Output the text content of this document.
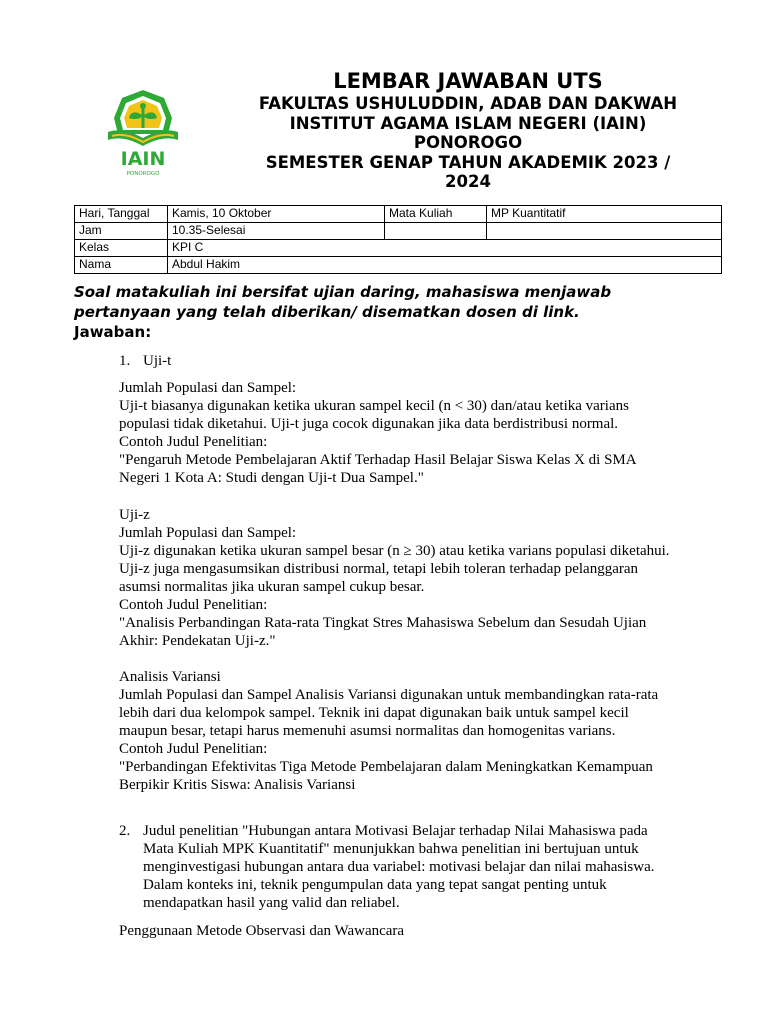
IAIN
PONOROGO
LEMBAR JAWABAN UTS
FAKULTAS USHULUDDIN, ADAB DAN DAKWAH
INSTITUT AGAMA ISLAM NEGERI (IAIN)
PONOROGO
SEMESTER GENAP TAHUN AKADEMIK 2023 /
2024
Hari, Tanggal	Kamis, 10 Oktober	Mata Kuliah	MP Kuantitatif
Jam	10.35-Selesai		
Kelas	KPI C		
Nama	Abdul Hakim		
Soal matakuliah ini bersifat ujian daring, mahasiswa menjawab
pertanyaan yang telah diberikan/ disematkan dosen di link.
Jawaban:
1. Uji-t
Jumlah Populasi dan Sampel:
Uji-t biasanya digunakan ketika ukuran sampel kecil (n < 30) dan/atau ketika varians
populasi tidak diketahui. Uji-t juga cocok digunakan jika data berdistribusi normal.
Contoh Judul Penelitian:
"Pengaruh Metode Pembelajaran Aktif Terhadap Hasil Belajar Siswa Kelas X di SMA
Negeri 1 Kota A: Studi dengan Uji-t Dua Sampel."
Uji-z
Jumlah Populasi dan Sampel:
Uji-z digunakan ketika ukuran sampel besar (n ≥ 30) atau ketika varians populasi diketahui.
Uji-z juga mengasumsikan distribusi normal, tetapi lebih toleran terhadap pelanggaran
asumsi normalitas jika ukuran sampel cukup besar.
Contoh Judul Penelitian:
"Analisis Perbandingan Rata-rata Tingkat Stres Mahasiswa Sebelum dan Sesudah Ujian
Akhir: Pendekatan Uji-z."
Analisis Variansi
Jumlah Populasi dan Sampel Analisis Variansi digunakan untuk membandingkan rata-rata
lebih dari dua kelompok sampel. Teknik ini dapat digunakan baik untuk sampel kecil
maupun besar, tetapi harus memenuhi asumsi normalitas dan homogenitas varians.
Contoh Judul Penelitian:
"Perbandingan Efektivitas Tiga Metode Pembelajaran dalam Meningkatkan Kemampuan
Berpikir Kritis Siswa: Analisis Variansi
2. Judul penelitian "Hubungan antara Motivasi Belajar terhadap Nilai Mahasiswa pada
Mata Kuliah MPK Kuantitatif" menunjukkan bahwa penelitian ini bertujuan untuk
menginvestigasi hubungan antara dua variabel: motivasi belajar dan nilai mahasiswa.
Dalam konteks ini, teknik pengumpulan data yang tepat sangat penting untuk
mendapatkan hasil yang valid dan reliabel.
Penggunaan Metode Observasi dan Wawancara
